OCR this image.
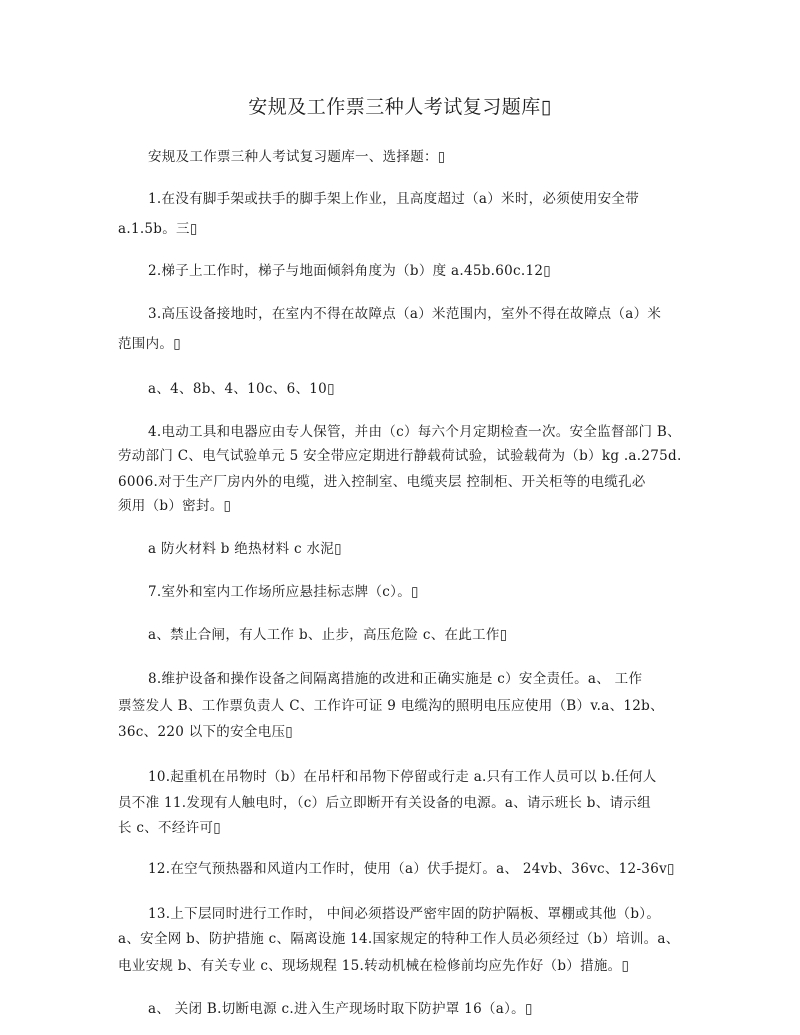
安规及工作票三种人考试复习题库▯
安规及工作票三种人考试复习题库一、选择题：▯
1.在没有脚手架或扶手的脚手架上作业，且高度超过（a）米时，必须使用安全带
a.1.5b。三▯
2.梯子上工作时，梯子与地面倾斜角度为（b）度 a.45b.60c.12▯
3.高压设备接地时，在室内不得在故障点（a）米范围内，室外不得在故障点（a）米
范围内。▯
a、4、8b、4、10c、6、10▯
4.电动工具和电器应由专人保管，并由（c）每六个月定期检查一次。安全监督部门 B、
劳动部门 C、电气试验单元 5 安全带应定期进行静载荷试验，试验载荷为（b）kg .a.275d.
6006.对于生产厂房内外的电缆，进入控制室、电缆夹层 控制柜、开关柜等的电缆孔必
须用（b）密封。▯
a 防火材料 b 绝热材料 c 水泥▯
7.室外和室内工作场所应悬挂标志牌（c）。▯
a、禁止合闸，有人工作 b、止步，高压危险 c、在此工作▯
8.维护设备和操作设备之间隔离措施的改进和正确实施是 c）安全责任。a、 工作
票签发人 B、工作票负责人 C、工作许可证 9 电缆沟的照明电压应使用（B）v.a、12b、
36c、220 以下的安全电压▯
10.起重机在吊物时（b）在吊杆和吊物下停留或行走 a.只有工作人员可以 b.任何人
员不准 11.发现有人触电时，（c）后立即断开有关设备的电源。a、请示班长 b、请示组
长 c、不经许可▯
12.在空气预热器和风道内工作时，使用（a）伏手提灯。a、 24vb、36vc、12-36v▯
13.上下层同时进行工作时， 中间必须搭设严密牢固的防护隔板、罩棚或其他（b）。
a、安全网 b、防护措施 c、隔离设施 14.国家规定的特种工作人员必须经过（b）培训。a、
电业安规 b、有关专业 c、现场规程 15.转动机械在检修前均应先作好（b）措施。▯
a、 关闭 B.切断电源 c.进入生产现场时取下防护罩 16（a）。▯
